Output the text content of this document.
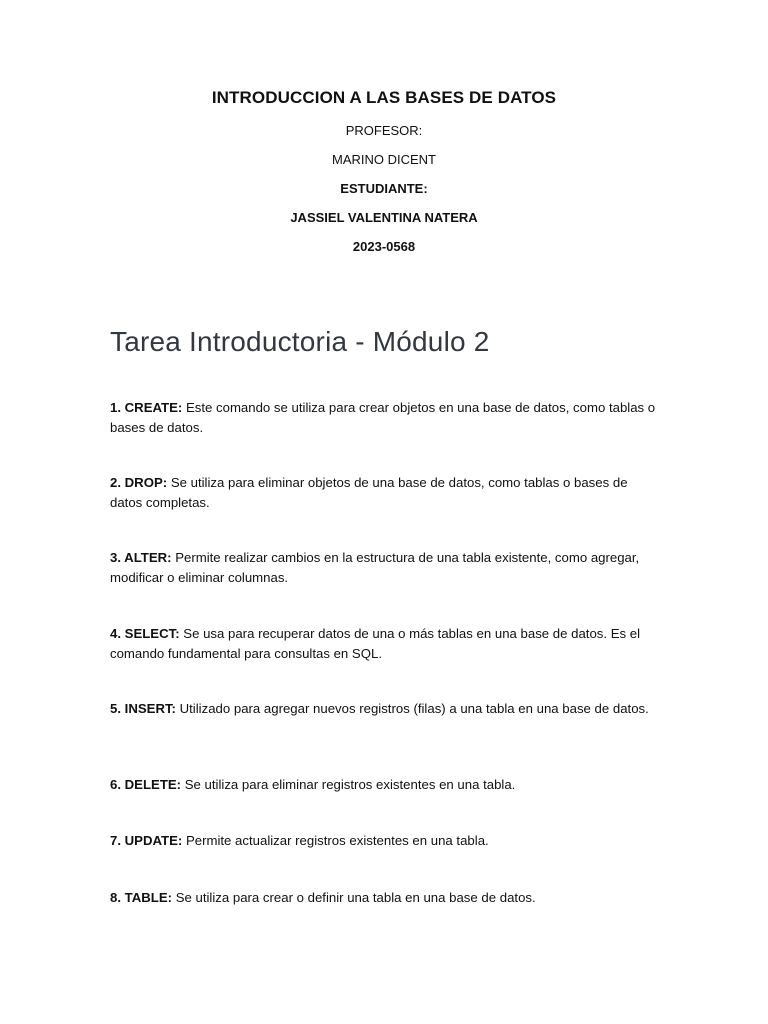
INTRODUCCION A LAS BASES DE DATOS
PROFESOR:
MARINO DICENT
ESTUDIANTE:
JASSIEL VALENTINA NATERA
2023-0568
Tarea Introductoria - Módulo 2

1. CREATE: Este comando se utiliza para crear objetos en una base de datos, como tablas o bases de datos.

2. DROP: Se utiliza para eliminar objetos de una base de datos, como tablas o bases de datos completas.

3. ALTER: Permite realizar cambios en la estructura de una tabla existente, como agregar, modificar o eliminar columnas.

4. SELECT: Se usa para recuperar datos de una o más tablas en una base de datos. Es el comando fundamental para consultas en SQL.

5. INSERT: Utilizado para agregar nuevos registros (filas) a una tabla en una base de datos.

6. DELETE: Se utiliza para eliminar registros existentes en una tabla.

7. UPDATE: Permite actualizar registros existentes en una tabla.

8. TABLE: Se utiliza para crear o definir una tabla en una base de datos.
